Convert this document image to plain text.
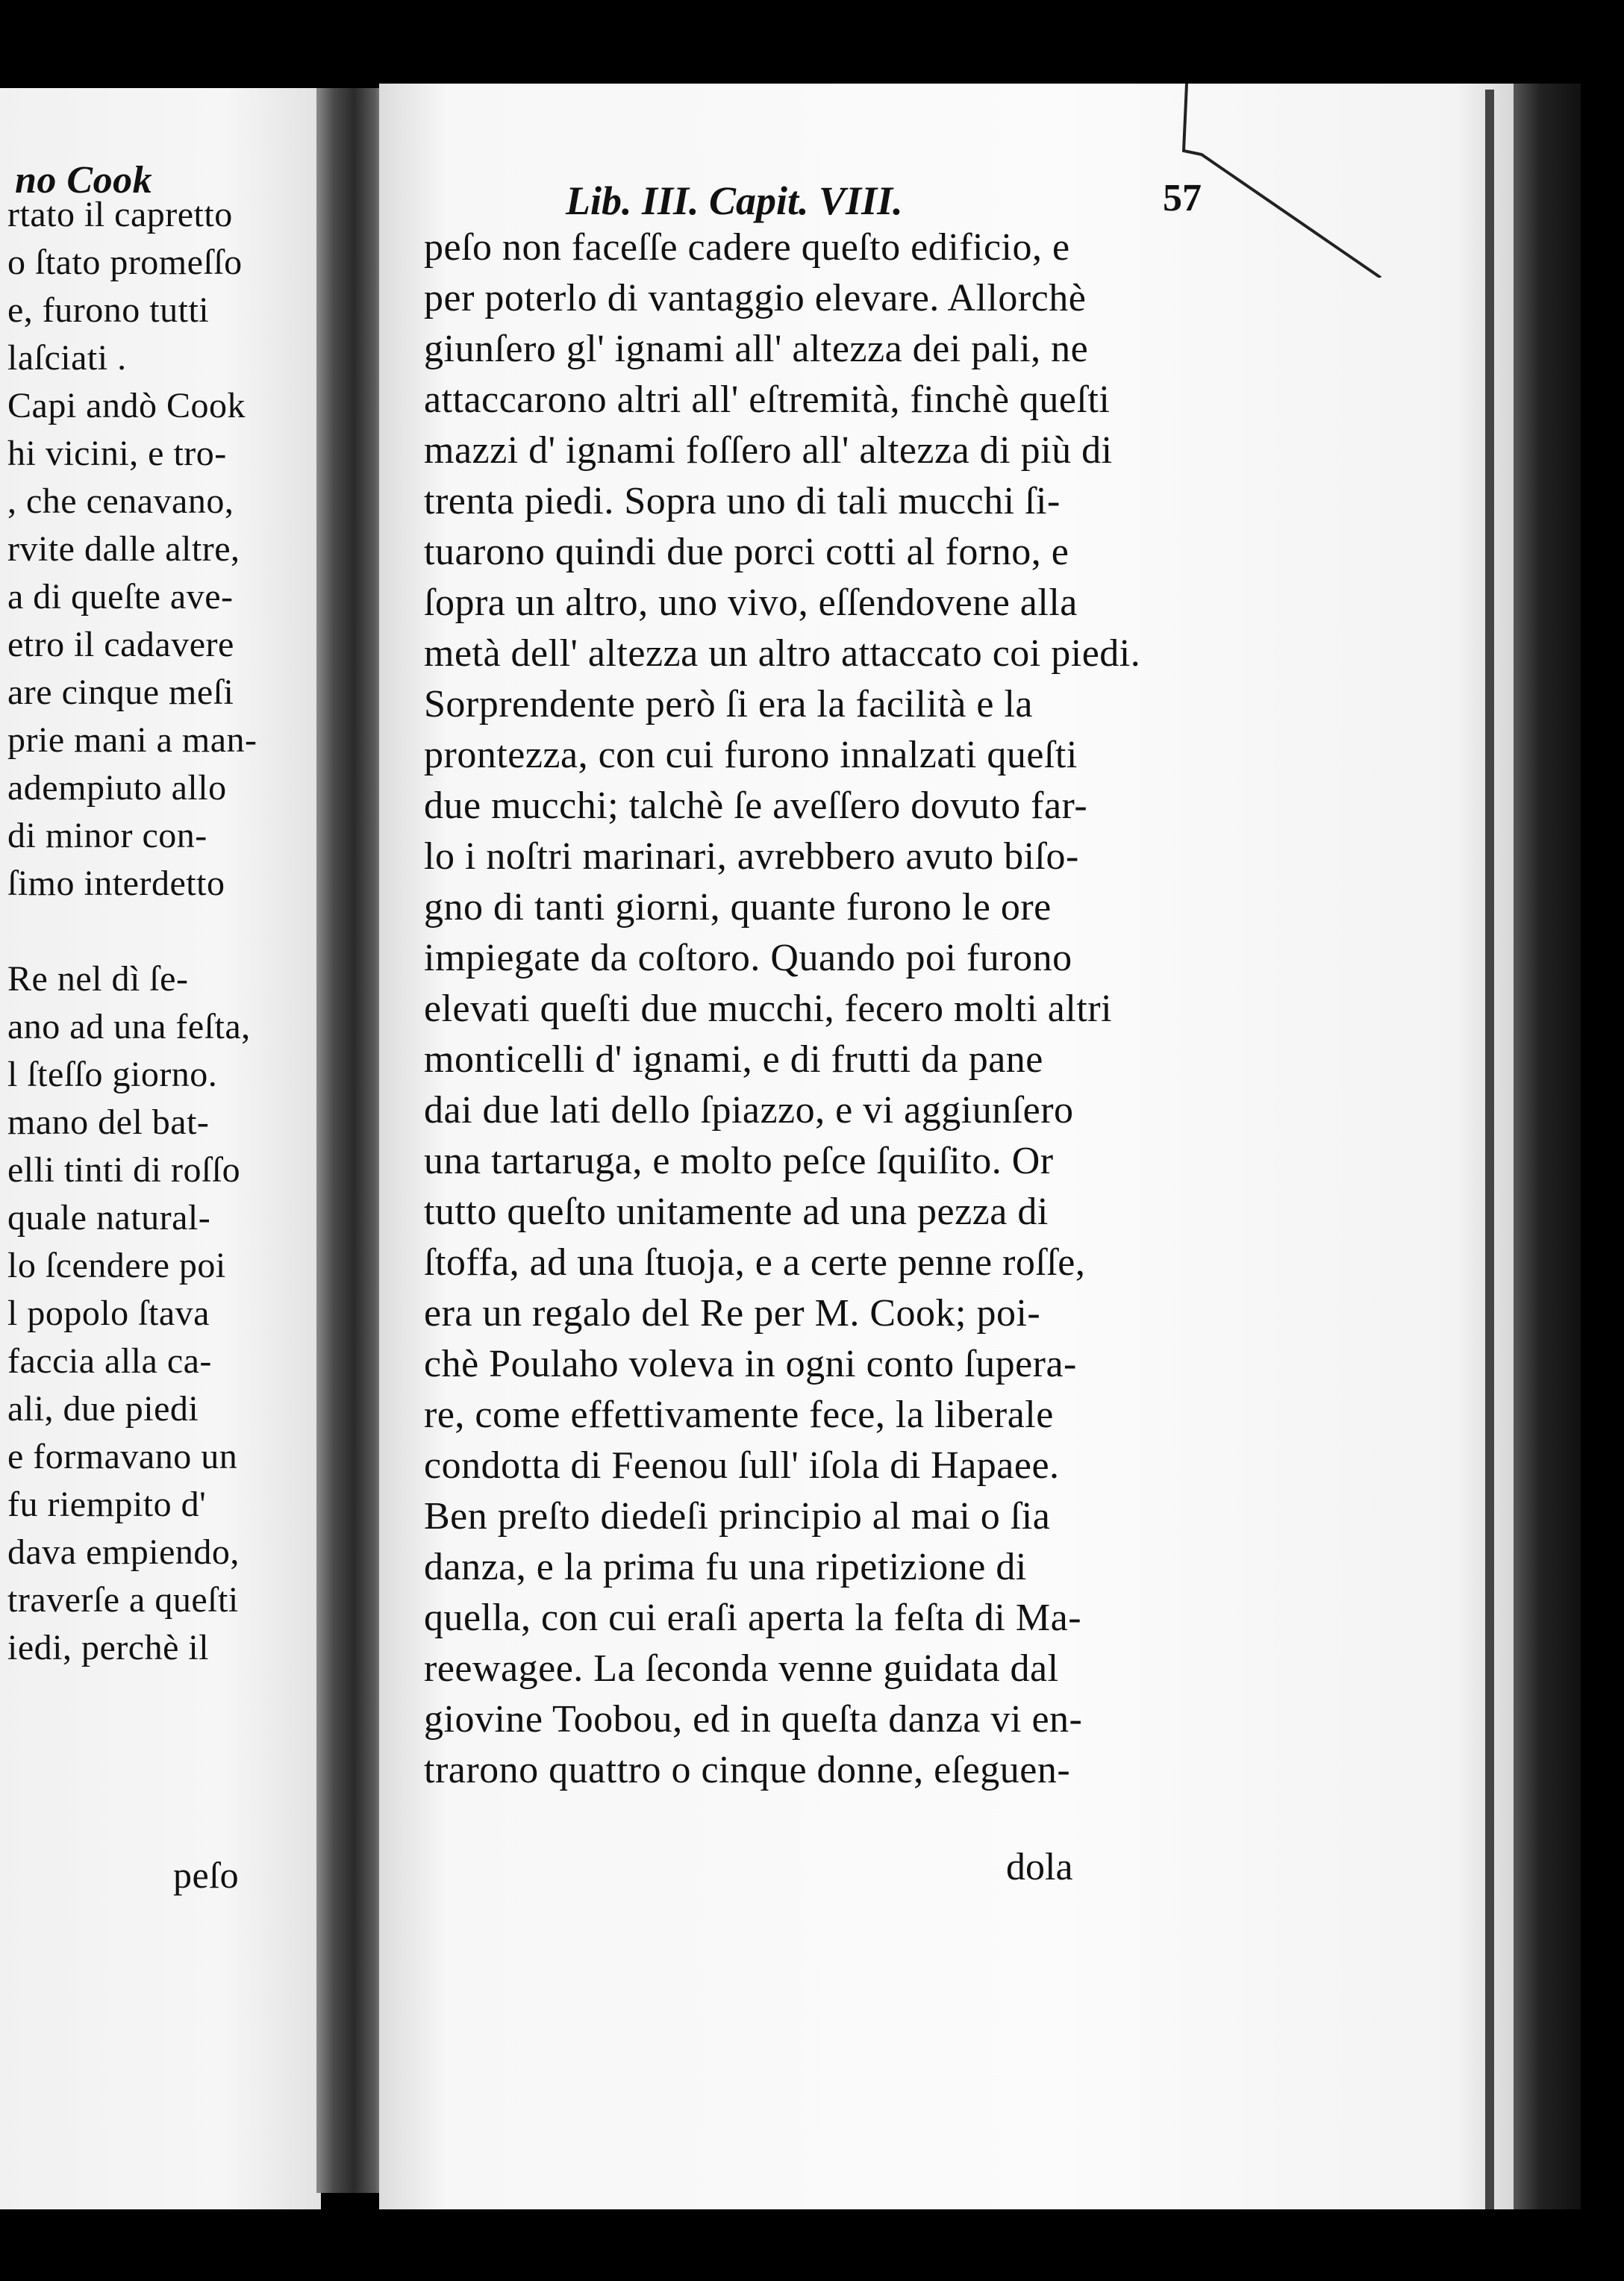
no Cook
rtato il capretto
o ſtato promeſſo
e, furono tutti
laſciati .
Capi andò Cook
hi vicini, e tro-
, che cenavano,
rvite dalle altre,
a di queſte ave-
etro il cadavere
are cinque meſi
prie mani a man-
adempiuto allo
di minor con-
ſimo interdetto
Re nel dì ſe-
ano ad una feſta,
l ſteſſo giorno.
mano del bat-
elli tinti di roſſo
quale natural-
lo ſcendere poi
l popolo ſtava
faccia alla ca-
ali, due piedi
e formavano un
fu riempito d'
dava empiendo,
traverſe a queſti
iedi, perchè il
peſo
Lib. III. Capit. VIII.	57
peſo non faceſſe cadere queſto edificio, e
per poterlo di vantaggio elevare. Allorchè
giunſero gl' ignami all' altezza dei pali, ne
attaccarono altri all' eſtremità, finchè queſti
mazzi d' ignami foſſero all' altezza di più di
trenta piedi. Sopra uno di tali mucchi ſi-
tuarono quindi due porci cotti al forno, e
ſopra un altro, uno vivo, eſſendovene alla
metà dell' altezza un altro attaccato coi piedi.
Sorprendente però ſi era la facilità e la
prontezza, con cui furono innalzati queſti
due mucchi; talchè ſe aveſſero dovuto far-
lo i noſtri marinari, avrebbero avuto biſo-
gno di tanti giorni, quante furono le ore
impiegate da coſtoro. Quando poi furono
elevati queſti due mucchi, fecero molti altri
monticelli d' ignami, e di frutti da pane
dai due lati dello ſpiazzo, e vi aggiunſero
una tartaruga, e molto peſce ſquiſito. Or
tutto queſto unitamente ad una pezza di
ſtoffa, ad una ſtuoja, e a certe penne roſſe,
era un regalo del Re per M. Cook; poi-
chè Poulaho voleva in ogni conto ſupera-
re, come effettivamente fece, la liberale
condotta di Feenou ſull' iſola di Hapaee.
Ben preſto diedeſi principio al mai o ſia
danza, e la prima fu una ripetizione di
quella, con cui eraſi aperta la feſta di Ma-
reewagee. La ſeconda venne guidata dal
giovine Toobou, ed in queſta danza vi en-
trarono quattro o cinque donne, eſeguen-
dola
